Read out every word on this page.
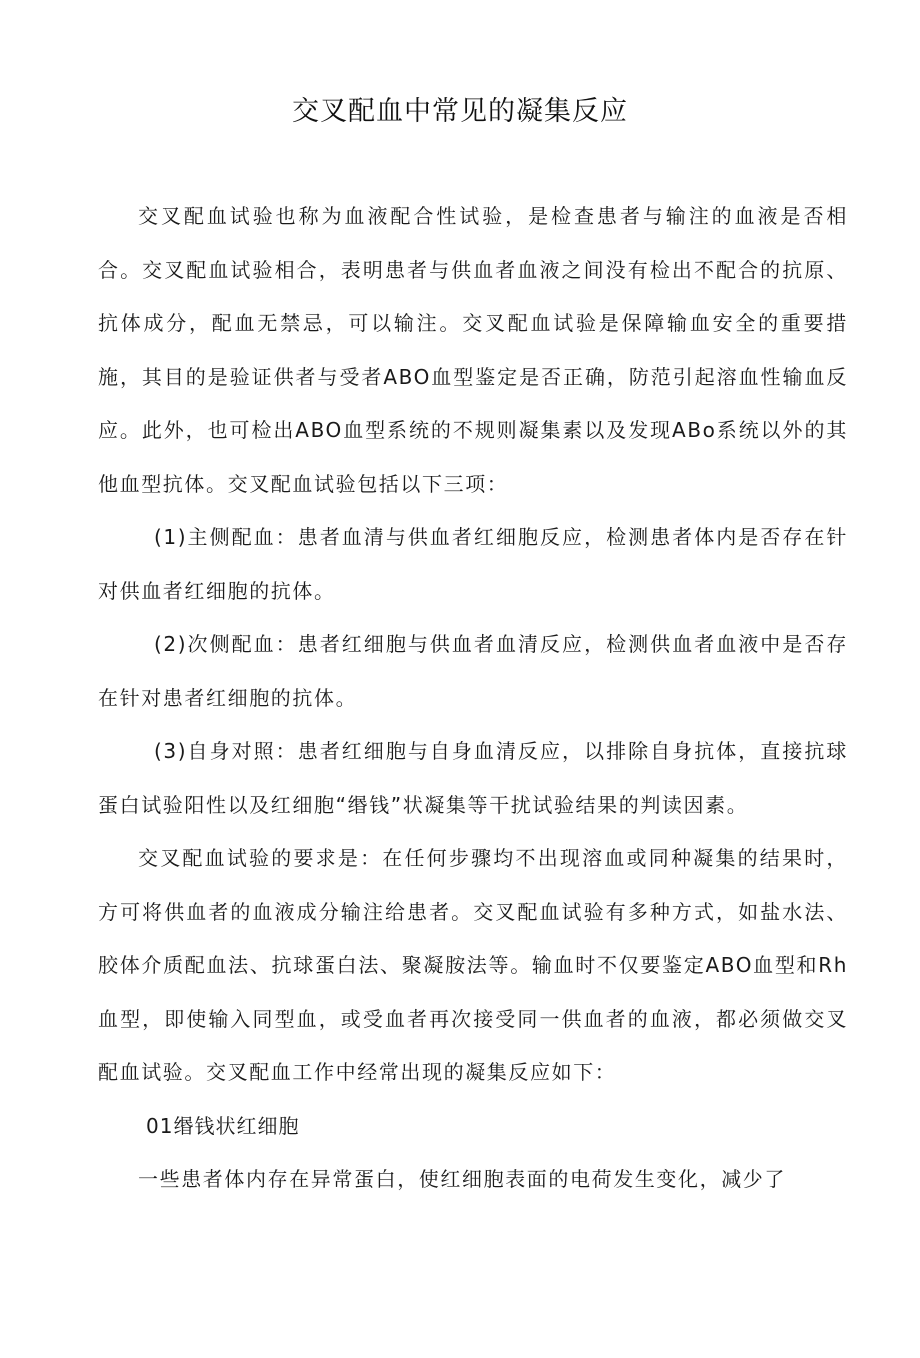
交叉配血中常见的凝集反应

交叉配血试验也称为血液配合性试验，是检查患者与输注的血液是否相合。交叉配血试验相合，表明患者与供血者血液之间没有检出不配合的抗原、抗体成分，配血无禁忌，可以输注。交叉配血试验是保障输血安全的重要措施，其目的是验证供者与受者ABO血型鉴定是否正确，防范引起溶血性输血反应。此外，也可检出ABO血型系统的不规则凝集素以及发现ABo系统以外的其他血型抗体。交叉配血试验包括以下三项：

(1)主侧配血：患者血清与供血者红细胞反应，检测患者体内是否存在针对供血者红细胞的抗体。

(2)次侧配血：患者红细胞与供血者血清反应，检测供血者血液中是否存在针对患者红细胞的抗体。

(3)自身对照：患者红细胞与自身血清反应，以排除自身抗体，直接抗球蛋白试验阳性以及红细胞“缗钱”状凝集等干扰试验结果的判读因素。

交叉配血试验的要求是：在任何步骤均不出现溶血或同种凝集的结果时，方可将供血者的血液成分输注给患者。交叉配血试验有多种方式，如盐水法、胶体介质配血法、抗球蛋白法、聚凝胺法等。输血时不仅要鉴定ABO血型和Rh血型，即使输入同型血，或受血者再次接受同一供血者的血液，都必须做交叉配血试验。交叉配血工作中经常出现的凝集反应如下：

01缗钱状红细胞

一些患者体内存在异常蛋白，使红细胞表面的电荷发生变化，减少了
